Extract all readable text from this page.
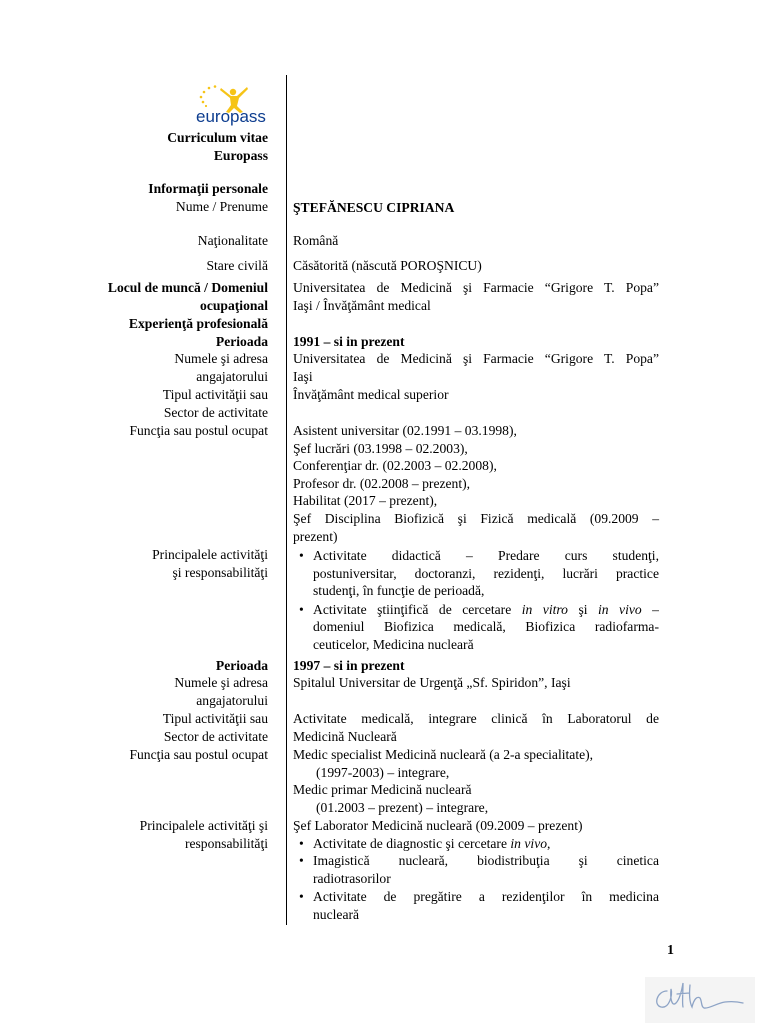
europass
Curriculum vitae
Europass
Informaţii personale
Nume / Prenume ŞTEFĂNESCU CIPRIANA
Naţionalitate Română
Stare civilă Căsătorită (născută POROŞNICU)
Locul de muncă / Domeniul
ocupaţional
Universitatea de Medicină şi Farmacie “Grigore T. Popa”
Iaşi / Învăţământ medical
Experienţă profesională
Perioada 1991 – si in prezent
Numele şi adresa
angajatorului
Universitatea de Medicină şi Farmacie “Grigore T. Popa”
Iaşi
Tipul activităţii sau
Sector de activitate
Învăţământ medical superior
Funcţia sau postul ocupat Asistent universitar (02.1991 – 03.1998),
Şef lucrări (03.1998 – 02.2003),
Conferenţiar dr. (02.2003 – 02.2008),
Profesor dr. (02.2008 – prezent),
Habilitat (2017 – prezent),
Şef Disciplina Biofizică şi Fizică medicală (09.2009 –
prezent)
Principalele activităţi
şi responsabilităţi
• Activitate didactică – Predare curs studenţi,
postuniversitar, doctoranzi, rezidenţi, lucrări practice
studenţi, în funcţie de perioadă,
• Activitate ştiinţifică de cercetare in vitro şi in vivo –
domeniul Biofizica medicală, Biofizica radiofarma-
ceuticelor, Medicina nucleară
Perioada 1997 – si in prezent
Numele şi adresa
angajatorului
Spitalul Universitar de Urgenţă „Sf. Spiridon”, Iaşi
Tipul activităţii sau
Sector de activitate
Activitate medicală, integrare clinică în Laboratorul de
Medicină Nucleară
Funcţia sau postul ocupat Medic specialist Medicină nucleară (a 2-a specialitate),
(1997-2003) – integrare,
Medic primar Medicină nucleară
(01.2003 – prezent) – integrare,
Principalele activităţi şi
responsabilităţi
Şef Laborator Medicină nucleară (09.2009 – prezent)
• Activitate de diagnostic şi cercetare in vivo,
• Imagistică nucleară, biodistribuţia şi cinetica
radiotrasorilor
• Activitate de pregătire a rezidenţilor în medicina
nucleară
1
